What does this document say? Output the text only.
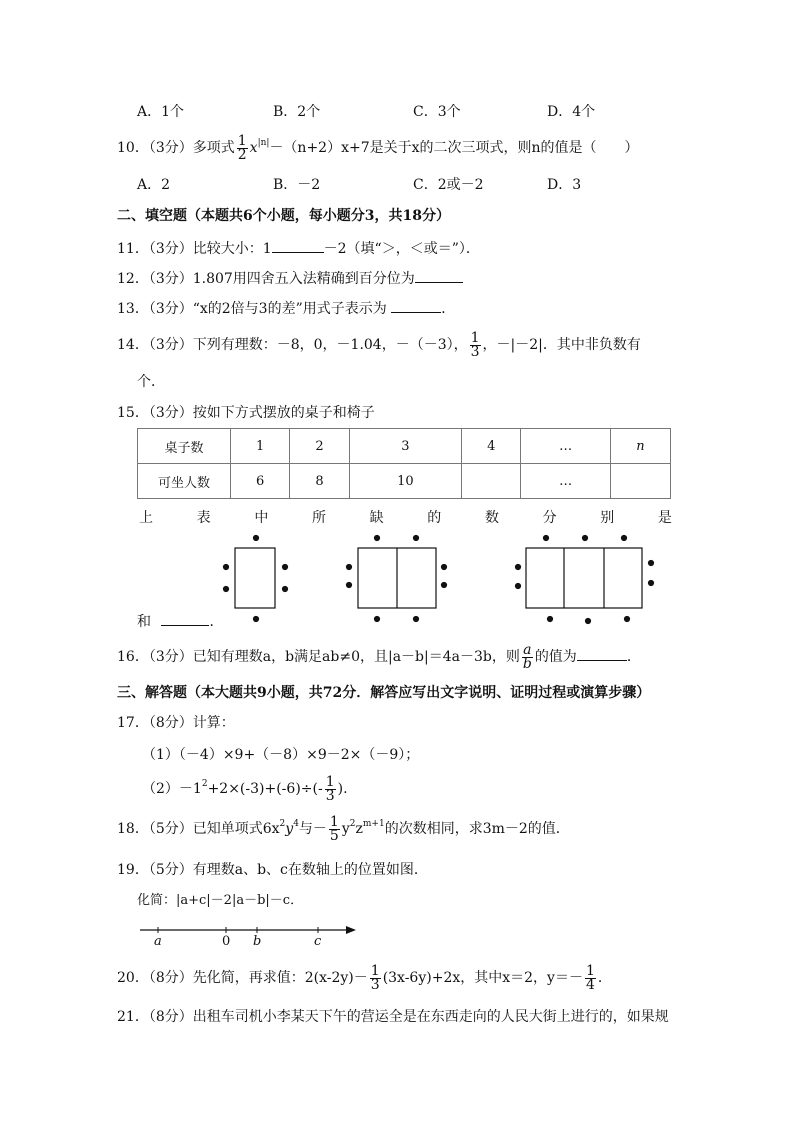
A．1个	B．2个	C．3个	D．4个
10．（3分）多项式 $\frac{1}{2} x^{|n|}-(n+2)x+7$是关于x的二次三项式，则n的值是（　　）
A．2	B．－2	C．2或－2	D．3
二、填空题（本题共6个小题，每小题分3，共18分）
11．（3分）比较大小：1	－2（填“＞，＜或＝”）．
12．（3分）1.807用四舍五入法精确到百分位为
13．（3分）“x的2倍与3的差”用式子表示为	．
14．（3分）下列有理数：－8，0，－1.04，－（－3）， $\frac{1}{3}$ ，－|－2|．其中非负数有
个．
15．（3分）按如下方式摆放的桌子和椅子
桌子数	1	2	3	4	…	n
可坐人数	6	8	10		…	
上	表	中	所	缺	的	数	分	别	是
和	．
16．（3分）已知有理数a，b满足ab≠0，且|a－b|＝4a－3b，则 $\frac{a}{b}$ 的值为	．
三、解答题（本大题共9小题，共72分．解答应写出文字说明、证明过程或演算步骤）
17．（8分）计算：
（1）（－4）×9+（－8）×9－2×（－9）；
$(2)-1^2+2\times(-3)+(-6)\div(- \frac{1}{3}$ ).
18．（5分）已知单项式$6x^2y^4$与－ $\frac{1}{5} y^2z^{m+1}$的次数相同，求3m－2的值．
19．（5分）有理数a、b、c在数轴上的位置如图．
化简：|a+c|－2|a－b|－c．
a	0 b	c
20．（8分）先化简，再求值：$2(x-2y)- \frac{1}{3} (3x-6y)+2x$，其中x＝2，$y=- \frac{1}{4}$ ．
21．（8分）出租车司机小李某天下午的营运全是在东西走向的人民大街上进行的，如果规
